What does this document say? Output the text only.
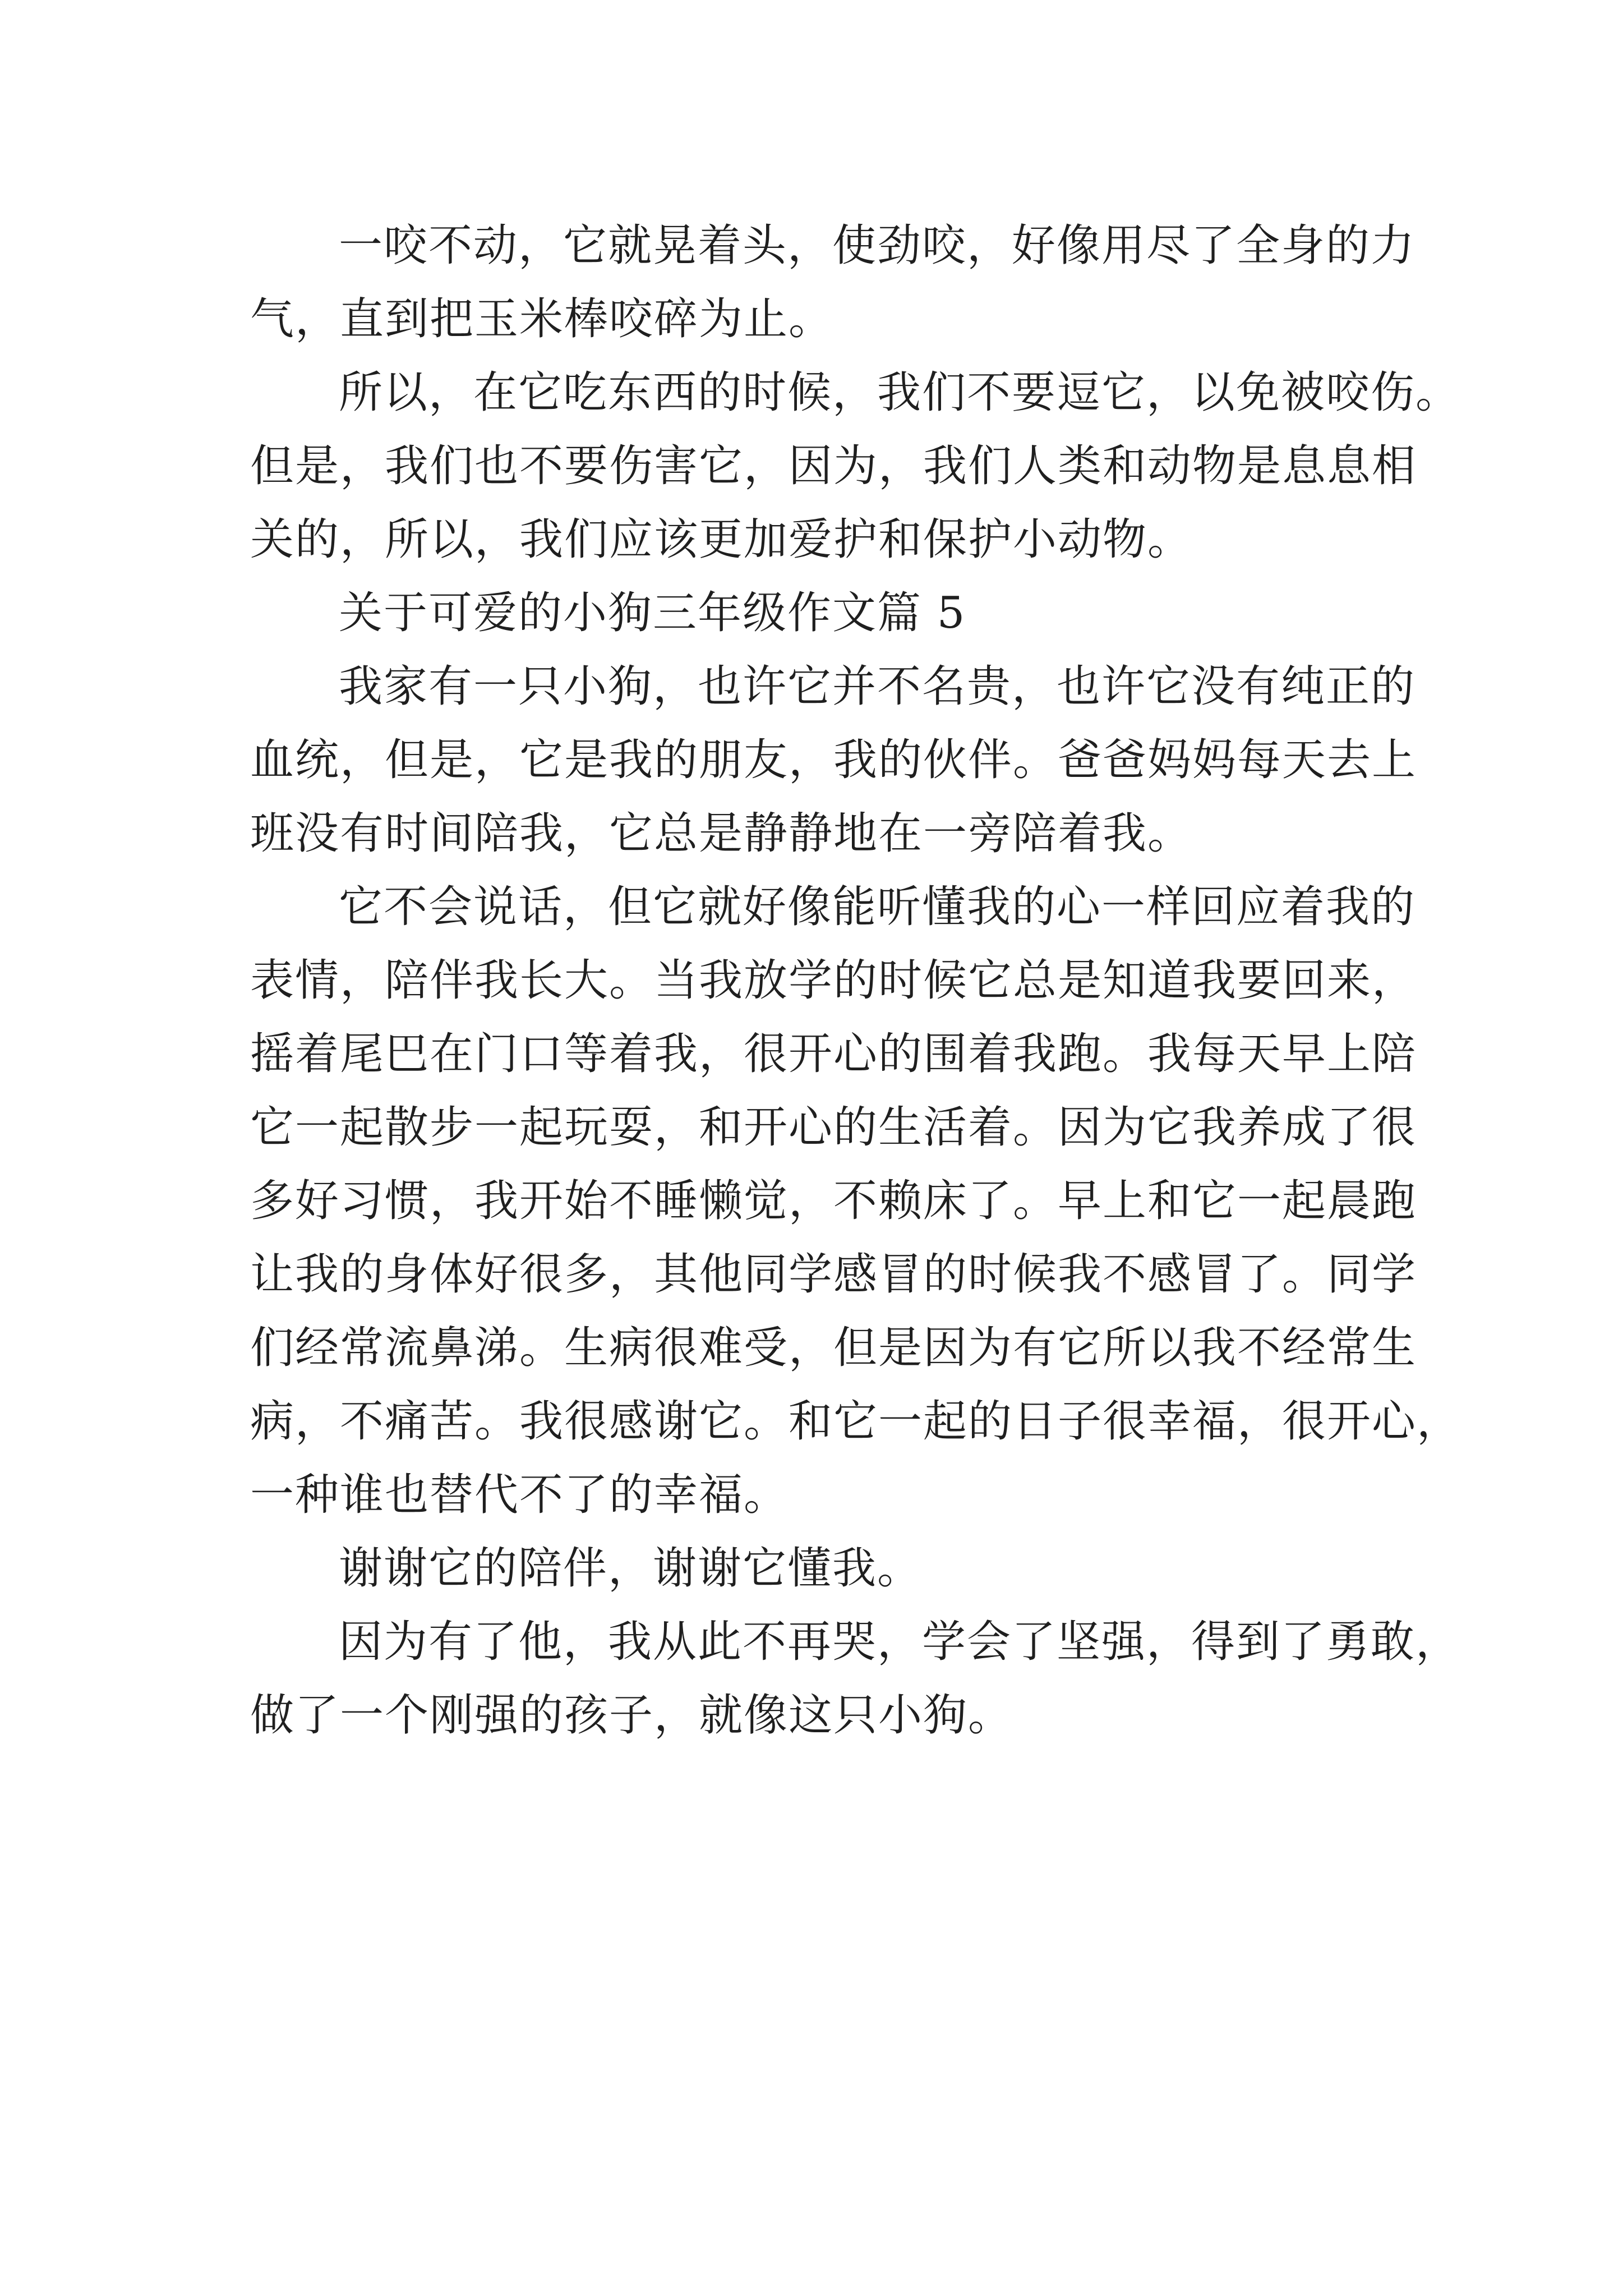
一咬不动，它就晃着头，使劲咬，好像用尽了全身的力
气，直到把玉米棒咬碎为止。
所以，在它吃东西的时候，我们不要逗它，以免被咬伤。
但是，我们也不要伤害它，因为，我们人类和动物是息息相
关的，所以，我们应该更加爱护和保护小动物。
关于可爱的小狗三年级作文篇 5
我家有一只小狗，也许它并不名贵，也许它没有纯正的
血统，但是，它是我的朋友，我的伙伴。爸爸妈妈每天去上
班没有时间陪我，它总是静静地在一旁陪着我。
它不会说话，但它就好像能听懂我的心一样回应着我的
表情，陪伴我长大。当我放学的时候它总是知道我要回来，
摇着尾巴在门口等着我，很开心的围着我跑。我每天早上陪
它一起散步一起玩耍，和开心的生活着。因为它我养成了很
多好习惯，我开始不睡懒觉，不赖床了。早上和它一起晨跑
让我的身体好很多，其他同学感冒的时候我不感冒了。同学
们经常流鼻涕。生病很难受，但是因为有它所以我不经常生
病，不痛苦。我很感谢它。和它一起的日子很幸福，很开心，
一种谁也替代不了的幸福。
谢谢它的陪伴，谢谢它懂我。
因为有了他，我从此不再哭，学会了坚强，得到了勇敢，
做了一个刚强的孩子，就像这只小狗。
